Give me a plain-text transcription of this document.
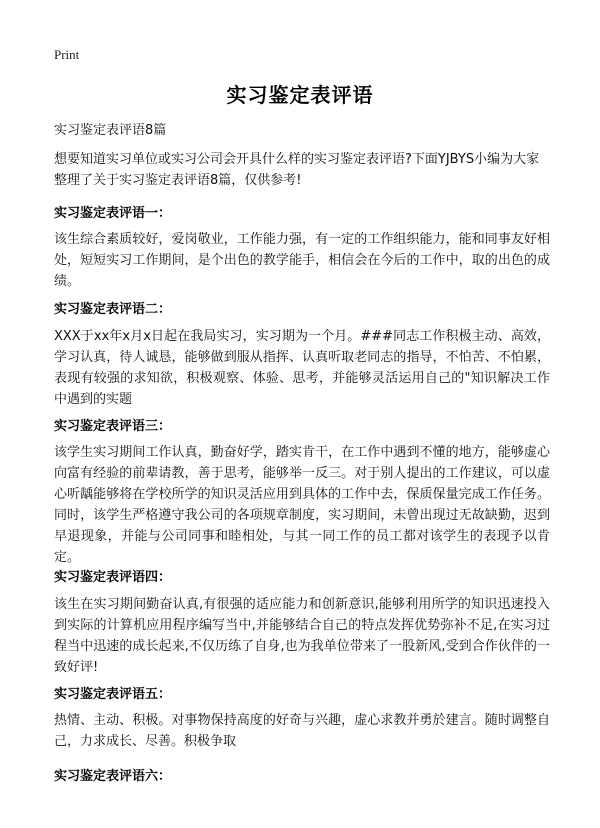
Print
实习鉴定表评语
实习鉴定表评语8篇
想要知道实习单位或实习公司会开具什么样的实习鉴定表评语?下面YJBYS小编为大家整理了关于实习鉴定表评语8篇，仅供参考!
实习鉴定表评语一：
该生综合素质较好，爱岗敬业，工作能力强，有一定的工作组织能力，能和同事友好相处，短短实习工作期间，是个出色的教学能手，相信会在今后的工作中，取的出色的成绩。
实习鉴定表评语二：
XXX于xx年x月x日起在我局实习，实习期为一个月。###同志工作积极主动、高效，学习认真，待人诚恳，能够做到服从指挥、认真听取老同志的指导，不怕苦、不怕累，表现有较强的求知欲，积极观察、体验、思考，并能够灵活运用自己的"知识解决工作中遇到的实题
实习鉴定表评语三：
该学生实习期间工作认真，勤奋好学，踏实肯干，在工作中遇到不懂的地方，能够虚心向富有经验的前辈请教，善于思考，能够举一反三。对于别人提出的工作建议，可以虚心听龋能够将在学校所学的知识灵活应用到具体的工作中去，保质保量完成工作任务。同时，该学生严格遵守我公司的各项规章制度，实习期间，未曾出现过无故缺勤，迟到早退现象，并能与公司同事和睦相处，与其一同工作的员工都对该学生的表现予以肯定。
实习鉴定表评语四：
该生在实习期间勤奋认真,有很强的适应能力和创新意识,能够利用所学的知识迅速投入到实际的计算机应用程序编写当中,并能够结合自己的特点发挥优势弥补不足,在实习过程当中迅速的成长起来,不仅历练了自身,也为我单位带来了一股新风,受到合作伙伴的一致好评!
实习鉴定表评语五：
热情、主动、积极。对事物保持高度的好奇与兴趣，虚心求教并勇於建言。随时调整自己，力求成长、尽善。积极争取
实习鉴定表评语六：
